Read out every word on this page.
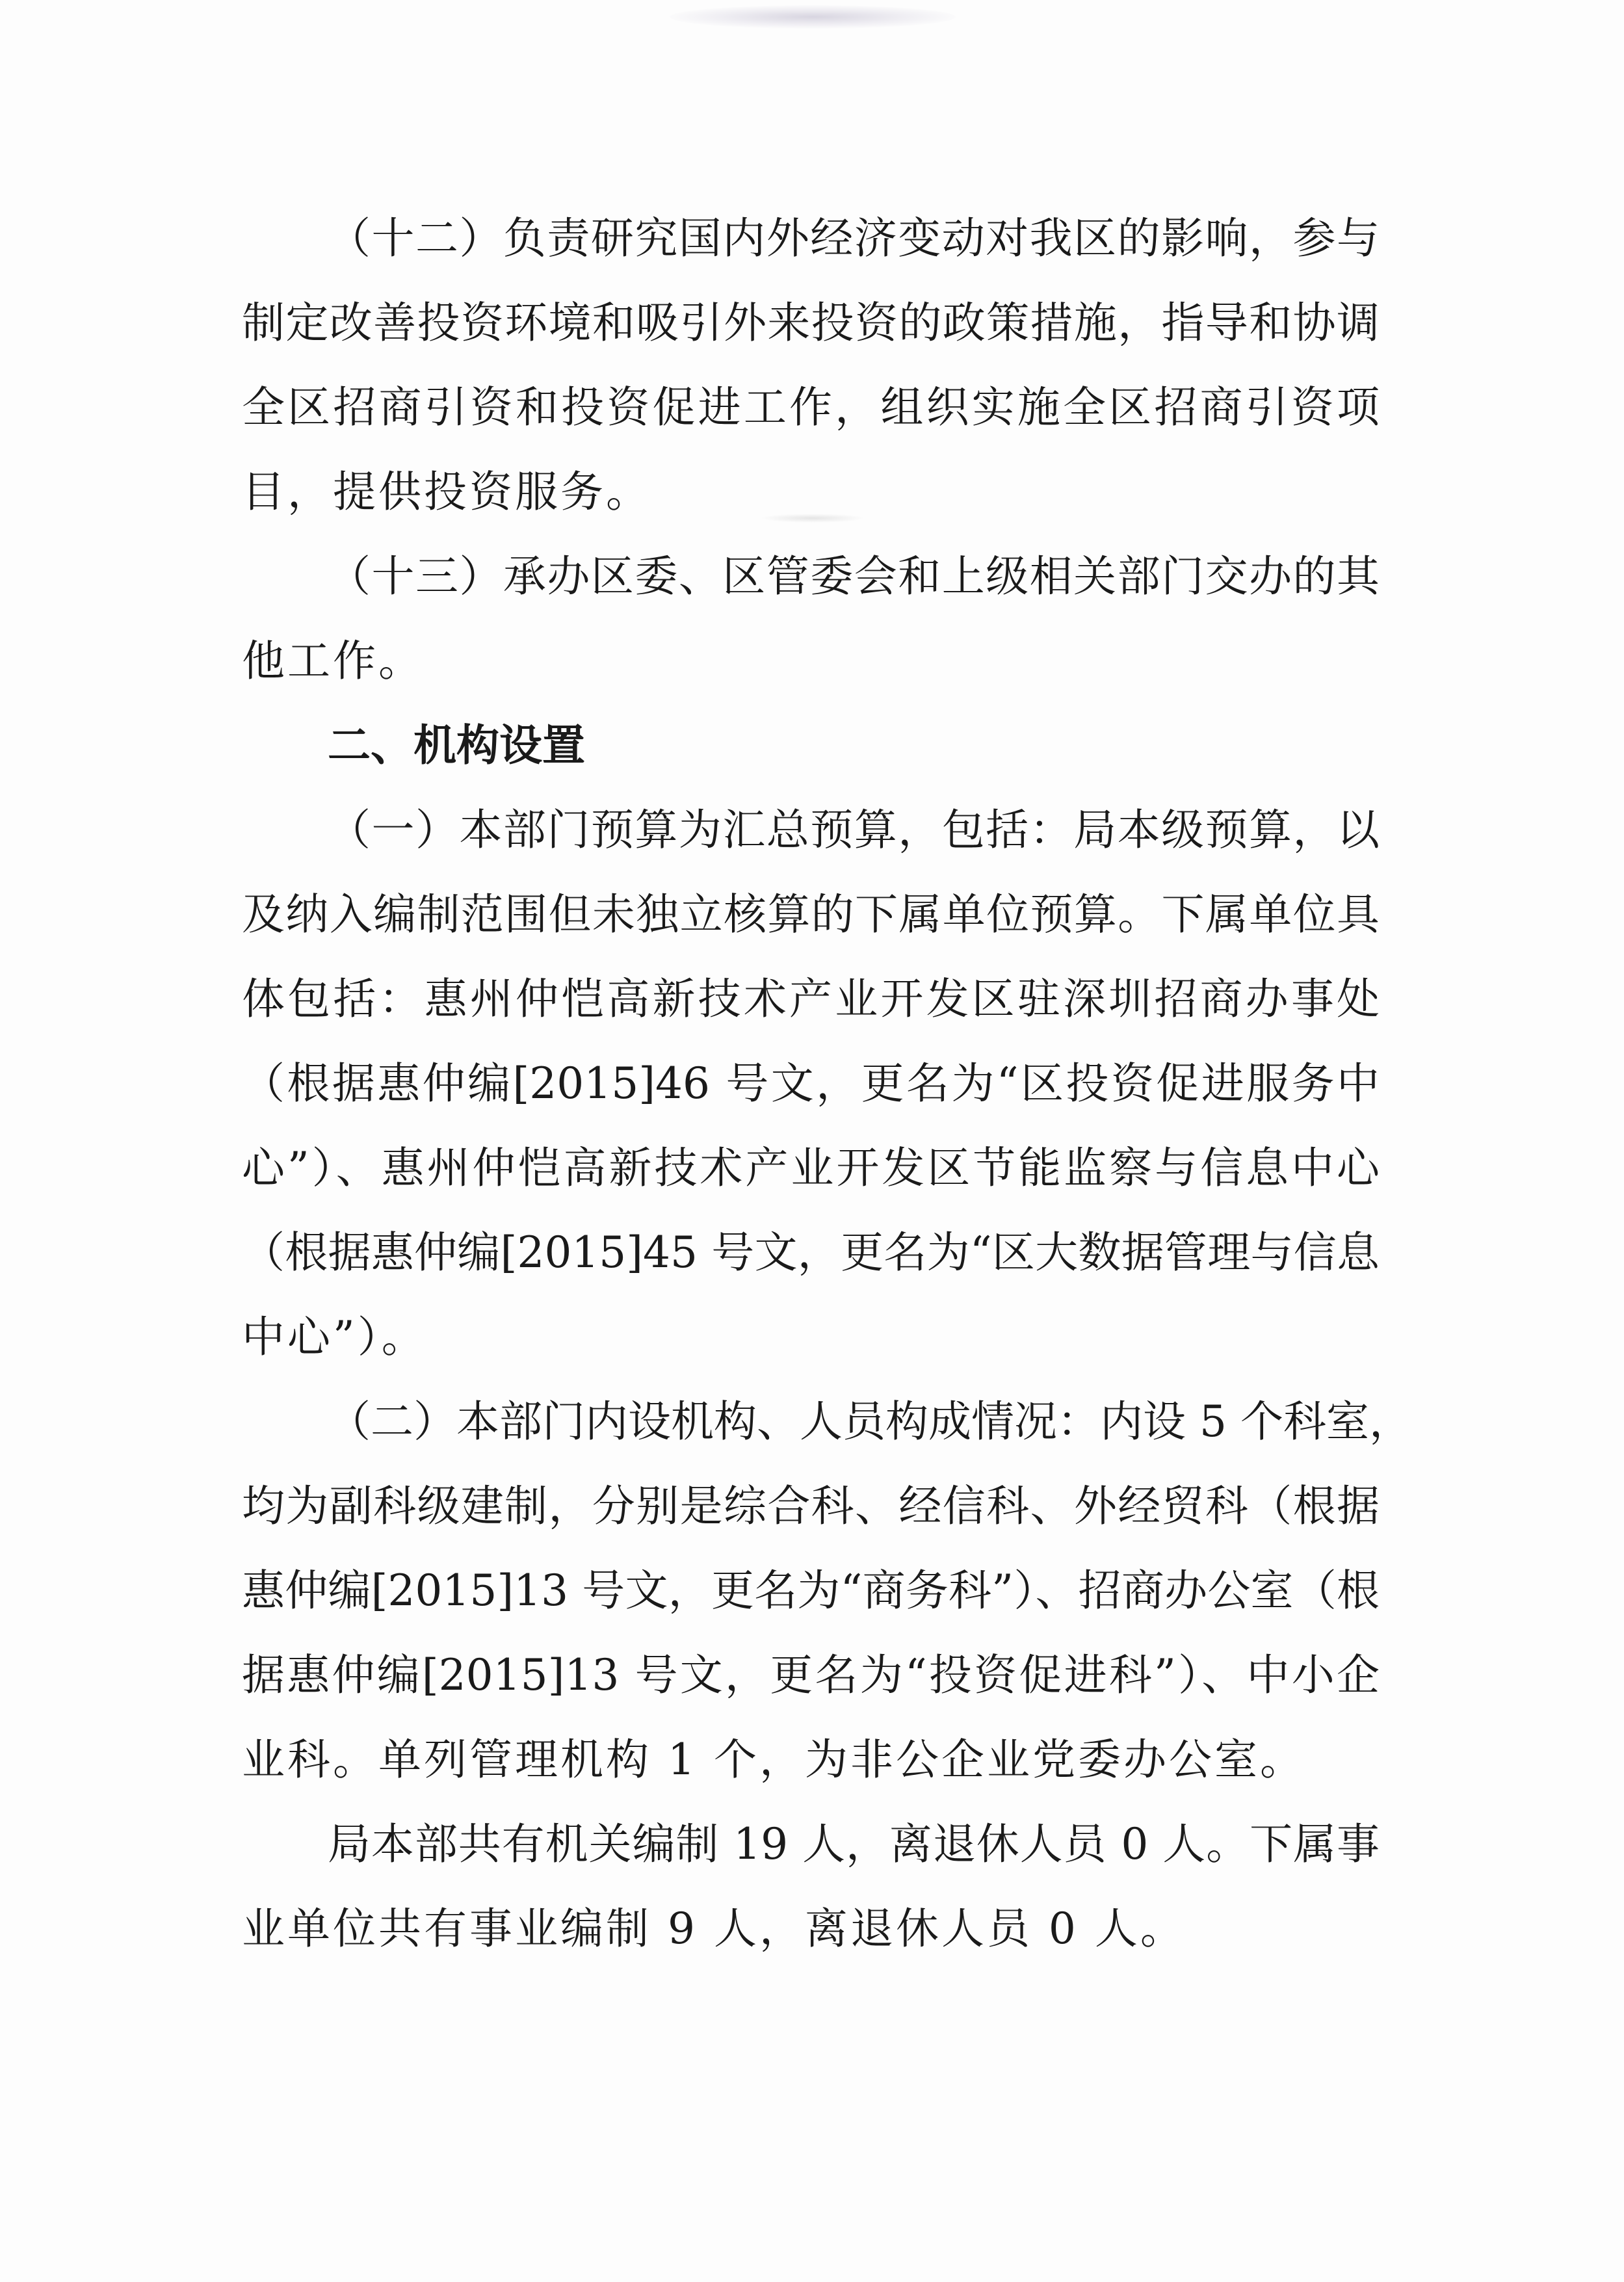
（十二）负责研究国内外经济变动对我区的影响，参与
制定改善投资环境和吸引外来投资的政策措施，指导和协调
全区招商引资和投资促进工作，组织实施全区招商引资项
目，提供投资服务。
（十三）承办区委、区管委会和上级相关部门交办的其
他工作。
二、机构设置
（一）本部门预算为汇总预算，包括：局本级预算，以
及纳入编制范围但未独立核算的下属单位预算。下属单位具
体包括：惠州仲恺高新技术产业开发区驻深圳招商办事处
（根据惠仲编[2015]46 号文，更名为“区投资促进服务中
心”）、惠州仲恺高新技术产业开发区节能监察与信息中心
（根据惠仲编[2015]45 号文，更名为“区大数据管理与信息
中心”）。
（二）本部门内设机构、人员构成情况：内设 5 个科室，
均为副科级建制，分别是综合科、经信科、外经贸科（根据
惠仲编[2015]13 号文，更名为“商务科”）、招商办公室（根
据惠仲编[2015]13 号文，更名为“投资促进科”）、中小企
业科。单列管理机构 1 个，为非公企业党委办公室。
局本部共有机关编制 19 人，离退休人员 0 人。下属事
业单位共有事业编制 9 人，离退休人员 0 人。
